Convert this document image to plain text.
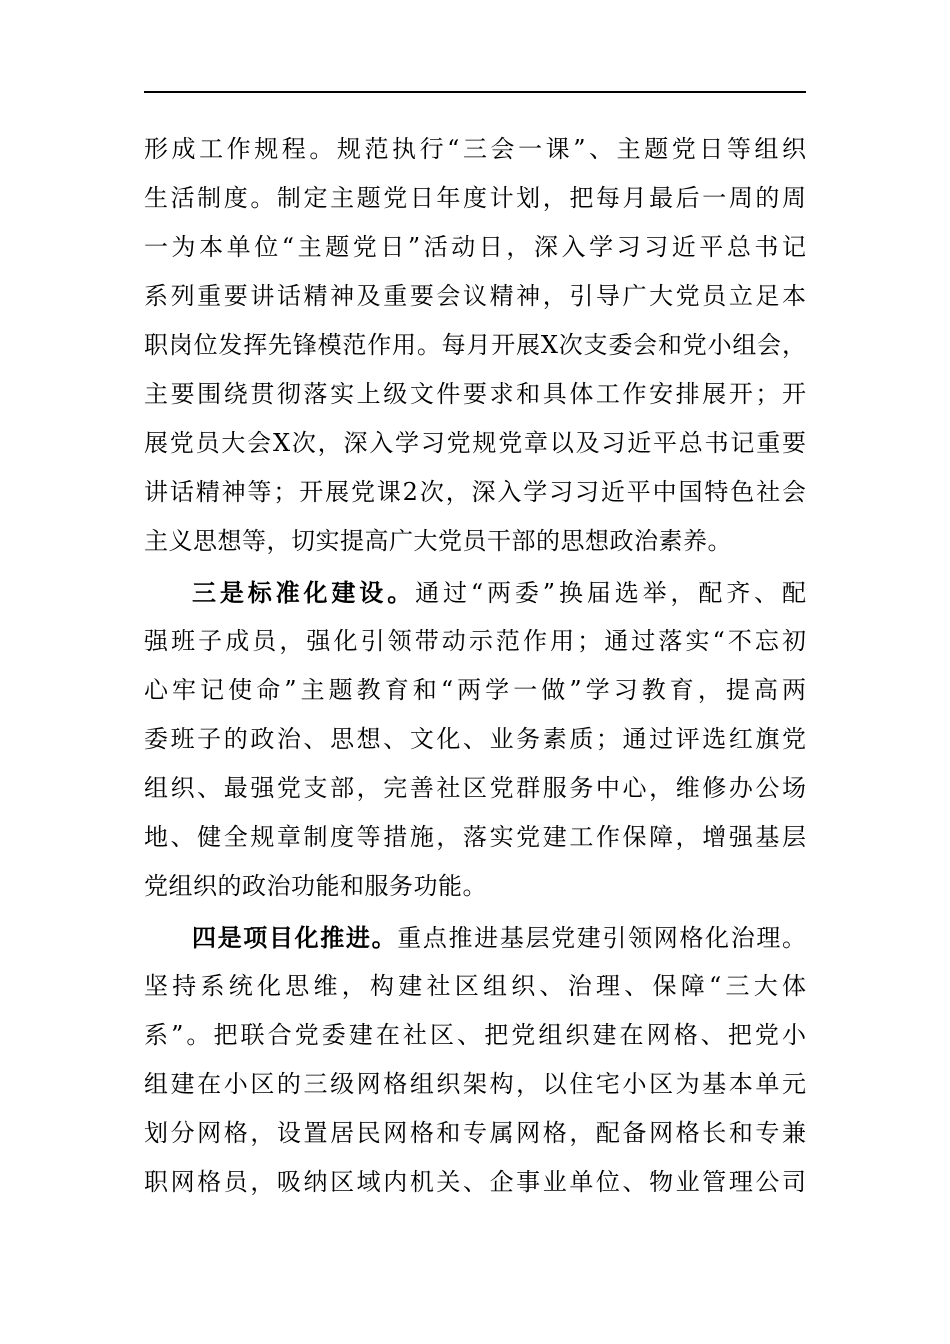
形成工作规程。规范执行“三会一课”、主题党日等组织
生活制度。制定主题党日年度计划，把每月最后一周的周
一为本单位“主题党日”活动日，深入学习习近平总书记
系列重要讲话精神及重要会议精神，引导广大党员立足本
职岗位发挥先锋模范作用。每月开展X次支委会和党小组会，
主要围绕贯彻落实上级文件要求和具体工作安排展开；开
展党员大会X次，深入学习党规党章以及习近平总书记重要
讲话精神等；开展党课2次，深入学习习近平中国特色社会
主义思想等，切实提高广大党员干部的思想政治素养。
三是标准化建设。通过“两委”换届选举，配齐、配
强班子成员，强化引领带动示范作用；通过落实“不忘初
心牢记使命”主题教育和“两学一做”学习教育，提高两
委班子的政治、思想、文化、业务素质；通过评选红旗党
组织、最强党支部，完善社区党群服务中心，维修办公场
地、健全规章制度等措施，落实党建工作保障，增强基层
党组织的政治功能和服务功能。
四是项目化推进。重点推进基层党建引领网格化治理。
坚持系统化思维，构建社区组织、治理、保障“三大体
系”。把联合党委建在社区、把党组织建在网格、把党小
组建在小区的三级网格组织架构，以住宅小区为基本单元
划分网格，设置居民网格和专属网格，配备网格长和专兼
职网格员，吸纳区域内机关、企事业单位、物业管理公司
